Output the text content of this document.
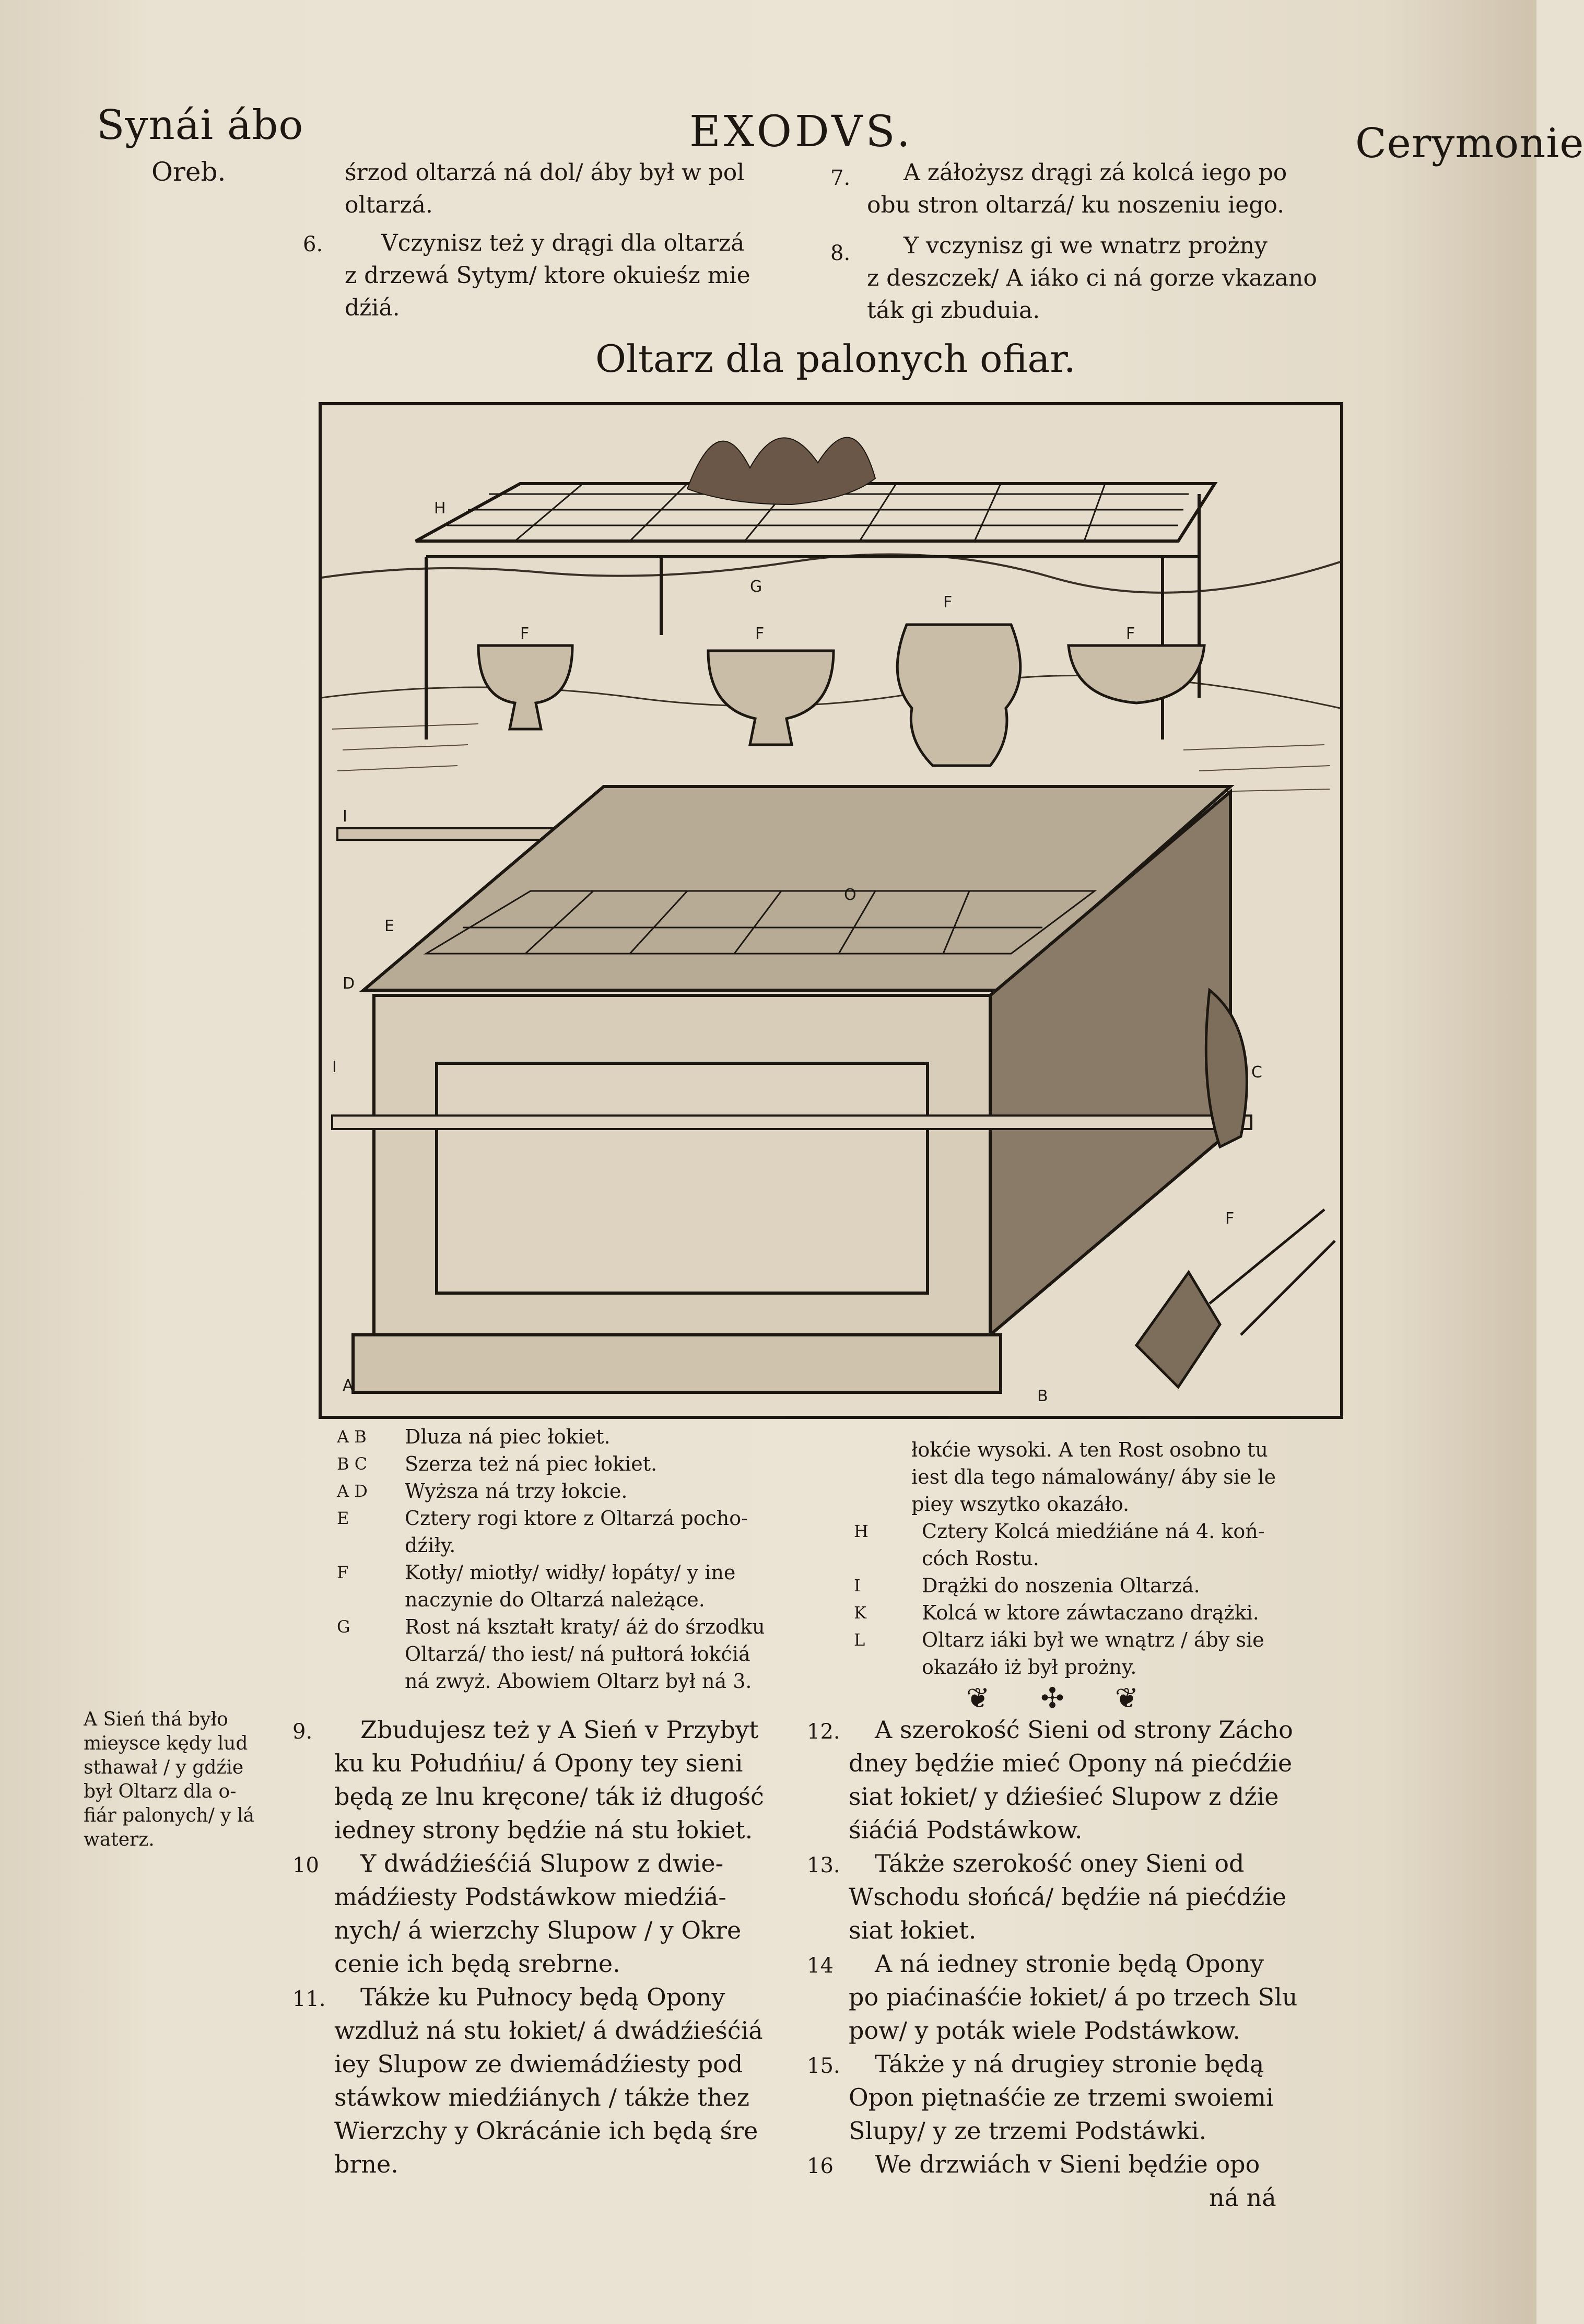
Synái ábo
Oreb.
EXODVS.	Cerymonie
śrzod oltarzá ná dol/ áby był w pol
oltarzá.
6.	Vczynisz też y drągi dla oltarzá
z drzewá Sytym/ ktore okuieśz mie
dźiá.
7.	A záłożysz drągi zá kolcá iego po
obu stron oltarzá/ ku noszeniu iego.
8.	Y vczynisz gi we wnatrz prożny
z deszczek/ A iáko ci ná gorze vkazano
ták gi zbuduia.
Oltarz dla palonych ofiar.
H
G
F	F
F
F
I
E
D
O
I	C
F
A
B
A B Dluza ná piec łokiet.
B C Szerza też ná piec łokiet.
A D Wyższa ná trzy łokcie.
E	Cztery rogi ktore z Oltarzá pocho-
dźiły.
F	Kotły/ miotły/ widły/ łopáty/ y ine
naczynie do Oltarzá należące.
G	Rost ná kształt kraty/ áż do śrzodku
Oltarzá/ tho iest/ ná pułtorá łokćiá
ná zwyż. Abowiem Oltarz był ná 3.
łokćie wysoki. A ten Rost osobno tu
iest dla tego námalowány/ áby sie le
piey wszytko okazáło.
H	Cztery Kolcá miedźiáne ná 4. koń-
cóch Rostu.
I	Drążki do noszenia Oltarzá.
K	Kolcá w ktore záwtaczano drążki.
L	Oltarz iáki był we wnątrz / áby sie
okazáło iż był prożny.
❦ ✣ ❦
A Sień thá było
mieysce kędy lud
sthawał / y gdźie
był Oltarz dla o-
fiár palonych/ y lá
waterz.
9.	Zbudujesz też y A Sień v Przybyt
ku ku Połudńiu/ á Opony tey sieni
będą ze lnu kręcone/ ták iż długość
iedney strony będźie ná stu łokiet.
10	Y dwádźieśćiá Slupow z dwie-
mádźiesty Podstáwkow miedźiá-
nych/ á wierzchy Slupow / y Okre
cenie ich będą srebrne.
11.	Tákże ku Pułnocy będą Opony
wzdluż ná stu łokiet/ á dwádźieśćiá
iey Slupow ze dwiemádźiesty pod
stáwkow miedźiánych / tákże thez
Wierzchy y Okrácánie ich będą śre
brne.
12.	A szerokość Sieni od strony Zácho
dney będźie mieć Opony ná piećdźie
siat łokiet/ y dźieśieć Slupow z dźie
śiáćiá Podstáwkow.
13.	Tákże szerokość oney Sieni od
Wschodu słońcá/ będźie ná piećdźie
siat łokiet.
14	A ná iedney stronie będą Opony
po piaćinaśćie łokiet/ á po trzech Slu
pow/ y poták wiele Podstáwkow.
15.	Tákże y ná drugiey stronie będą
Opon piętnaśćie ze trzemi swoiemi
Slupy/ y ze trzemi Podstáwki.
16	We drzwiách v Sieni będźie opo
ná ná
